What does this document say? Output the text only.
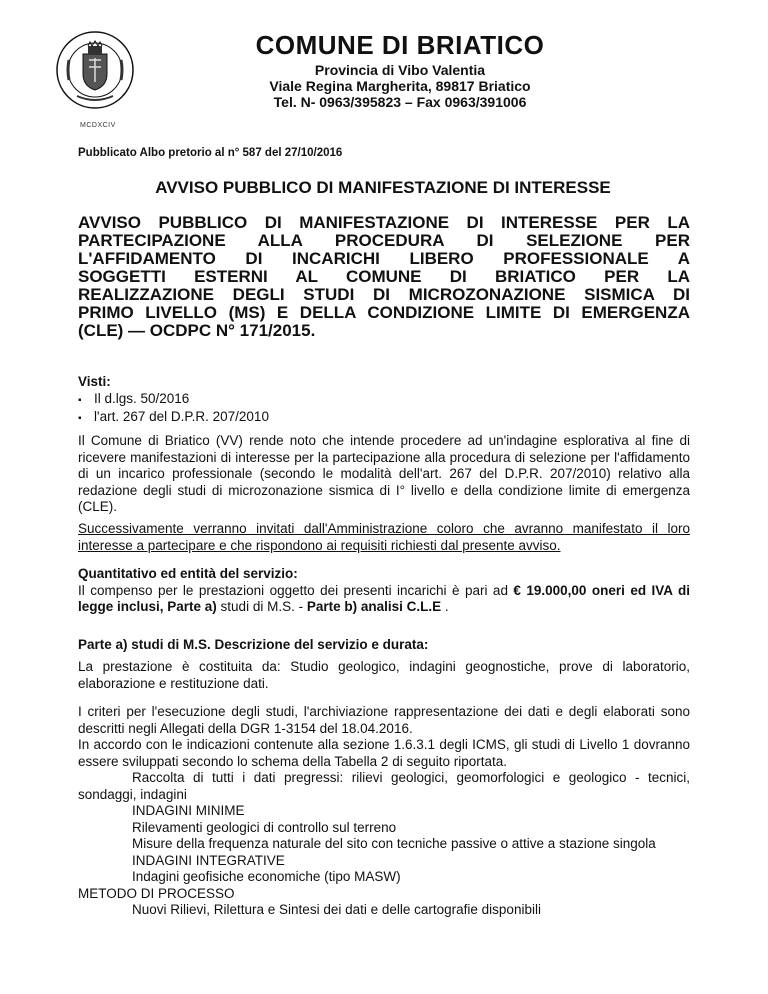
MCDXCIV
COMUNE DI BRIATICO
Provincia di Vibo Valentia
Viale Regina Margherita, 89817 Briatico
Tel. N- 0963/395823 – Fax 0963/391006
Pubblicato Albo pretorio al n° 587 del 27/10/2016
AVVISO PUBBLICO DI MANIFESTAZIONE DI INTERESSE
AVVISO PUBBLICO DI MANIFESTAZIONE DI INTERESSE PER LA
PARTECIPAZIONE ALLA PROCEDURA DI SELEZIONE PER
L'AFFIDAMENTO DI INCARICHI LIBERO PROFESSIONALE A
SOGGETTI ESTERNI AL COMUNE DI BRIATICO PER LA
REALIZZAZIONE DEGLI STUDI DI MICROZONAZIONE SISMICA DI
PRIMO LIVELLO (MS) E DELLA CONDIZIONE LIMITE DI EMERGENZA
(CLE) — OCDPC N° 171/2015.
Visti:
▪ Il d.lgs. 50/2016
▪ l'art. 267 del D.P.R. 207/2010
Il Comune di Briatico (VV) rende noto che intende procedere ad un'indagine esplorativa al fine di ricevere manifestazioni di interesse per la partecipazione alla procedura di selezione per l'affidamento di un incarico professionale (secondo le modalità dell'art. 267 del D.P.R. 207/2010) relativo alla redazione degli studi di microzonazione sismica di I° livello e della condizione limite di emergenza (CLE).
Successivamente verranno invitati dall'Amministrazione coloro che avranno manifestato il loro interesse a partecipare e che rispondono ai requisiti richiesti dal presente avviso.
Quantitativo ed entità del servizio:
Il compenso per le prestazioni oggetto dei presenti incarichi è pari ad € 19.000,00 oneri ed IVA di legge inclusi, Parte a) studi di M.S. - Parte b) analisi C.L.E .
Parte a) studi di M.S. Descrizione del servizio e durata:
La prestazione è costituita da: Studio geologico, indagini geognostiche, prove di laboratorio, elaborazione e restituzione dati.
I criteri per l'esecuzione degli studi, l'archiviazione rappresentazione dei dati e degli elaborati sono descritti negli Allegati della DGR 1-3154 del 18.04.2016.
In accordo con le indicazioni contenute alla sezione 1.6.3.1 degli ICMS, gli studi di Livello 1 dovranno essere sviluppati secondo lo schema della Tabella 2 di seguito riportata.
Raccolta di tutti i dati pregressi: rilievi geologici, geomorfologici e geologico - tecnici, sondaggi, indagini
INDAGINI MINIME
Rilevamenti geologici di controllo sul terreno
Misure della frequenza naturale del sito con tecniche passive o attive a stazione singola
INDAGINI INTEGRATIVE
Indagini geofisiche economiche (tipo MASW)
METODO DI PROCESSO
Nuovi Rilievi, Rilettura e Sintesi dei dati e delle cartografie disponibili
